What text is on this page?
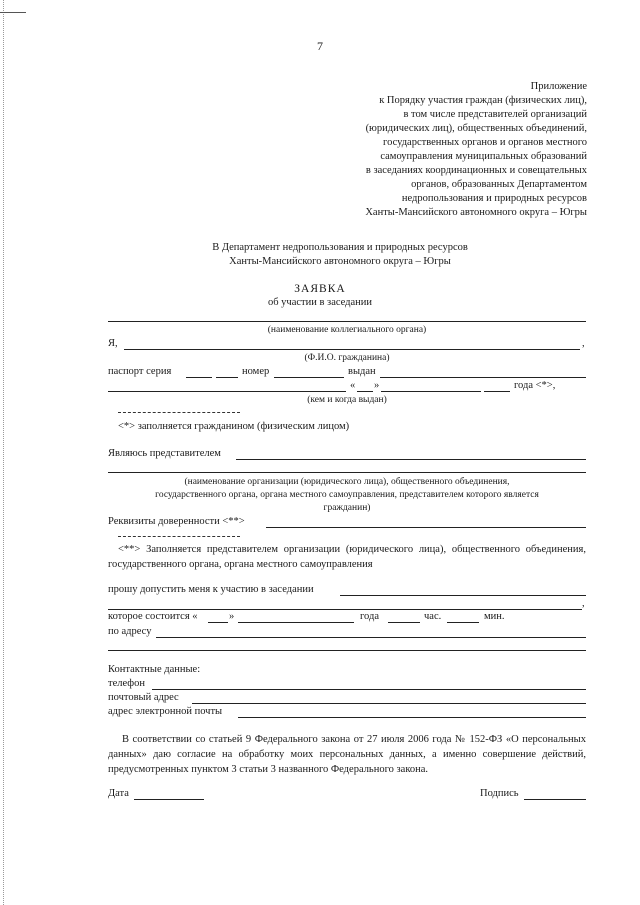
7
Приложение
к Порядку участия граждан (физических лиц),
в том числе представителей организаций
(юридических лиц), общественных объединений,
государственных органов и органов местного
самоуправления муниципальных образований
в заседаниях координационных и совещательных
органов, образованных Департаментом
недропользования и природных ресурсов
Ханты-Мансийского автономного округа – Югры
В Департамент недропользования и природных ресурсов
Ханты-Мансийского автономного округа – Югры
ЗАЯВКА
об участии в заседании
(наименование коллегиального органа)
Я,	,
(Ф.И.О. гражданина)
паспорт серия	номер	выдан
« »	года <*>,
(кем и когда выдан)
<*> заполняется гражданином (физическим лицом)
Являюсь представителем
(наименование организации (юридического лица), общественного объединения,
государственного органа, органа местного самоуправления, представителем которого является
гражданин)
Реквизиты доверенности <**>
<**> Заполняется представителем организации (юридического лица), общественного объединения, государственного органа, органа местного самоуправления
прошу допустить меня к участию в заседании
,
которое состоится «	»	года	час.	мин.
по адресу
Контактные данные:
телефон
почтовый адрес
адрес электронной почты
В соответствии со статьей 9 Федерального закона от 27 июля 2006 года № 152-ФЗ «О персональных данных» даю согласие на обработку моих персональных данных, а именно совершение действий, предусмотренных пунктом 3 статьи 3 названного Федерального закона.
Дата	Подпись
